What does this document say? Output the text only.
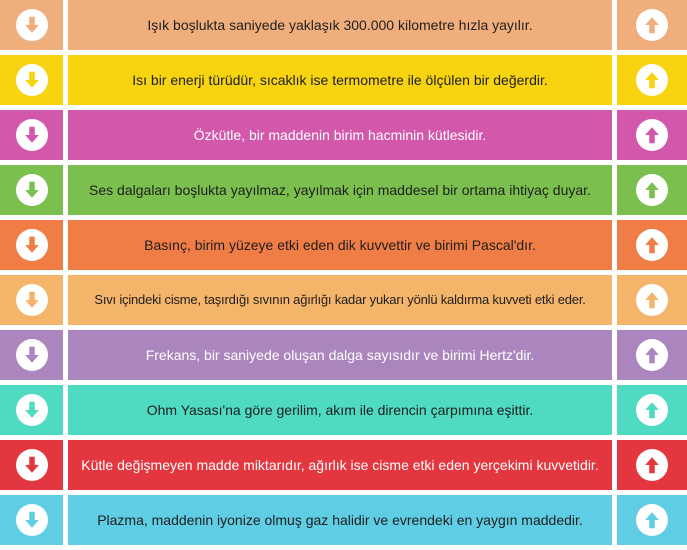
Işık boşlukta saniyede yaklaşık 300.000 kilometre hızla yayılır.
Isı bir enerji türüdür, sıcaklık ise termometre ile ölçülen bir değerdir.
Özkütle, bir maddenin birim hacminin kütlesidir.
Ses dalgaları boşlukta yayılmaz, yayılmak için maddesel bir ortama ihtiyaç duyar.
Basınç, birim yüzeye etki eden dik kuvvettir ve birimi Pascal'dır.
Sıvı içindeki cisme, taşırdığı sıvının ağırlığı kadar yukarı yönlü kaldırma kuvveti etki eder.
Frekans, bir saniyede oluşan dalga sayısıdır ve birimi Hertz'dir.
Ohm Yasası'na göre gerilim, akım ile direncin çarpımına eşittir.
Kütle değişmeyen madde miktarıdır, ağırlık ise cisme etki eden yerçekimi kuvvetidir.
Plazma, maddenin iyonize olmuş gaz halidir ve evrendeki en yaygın maddedir.
